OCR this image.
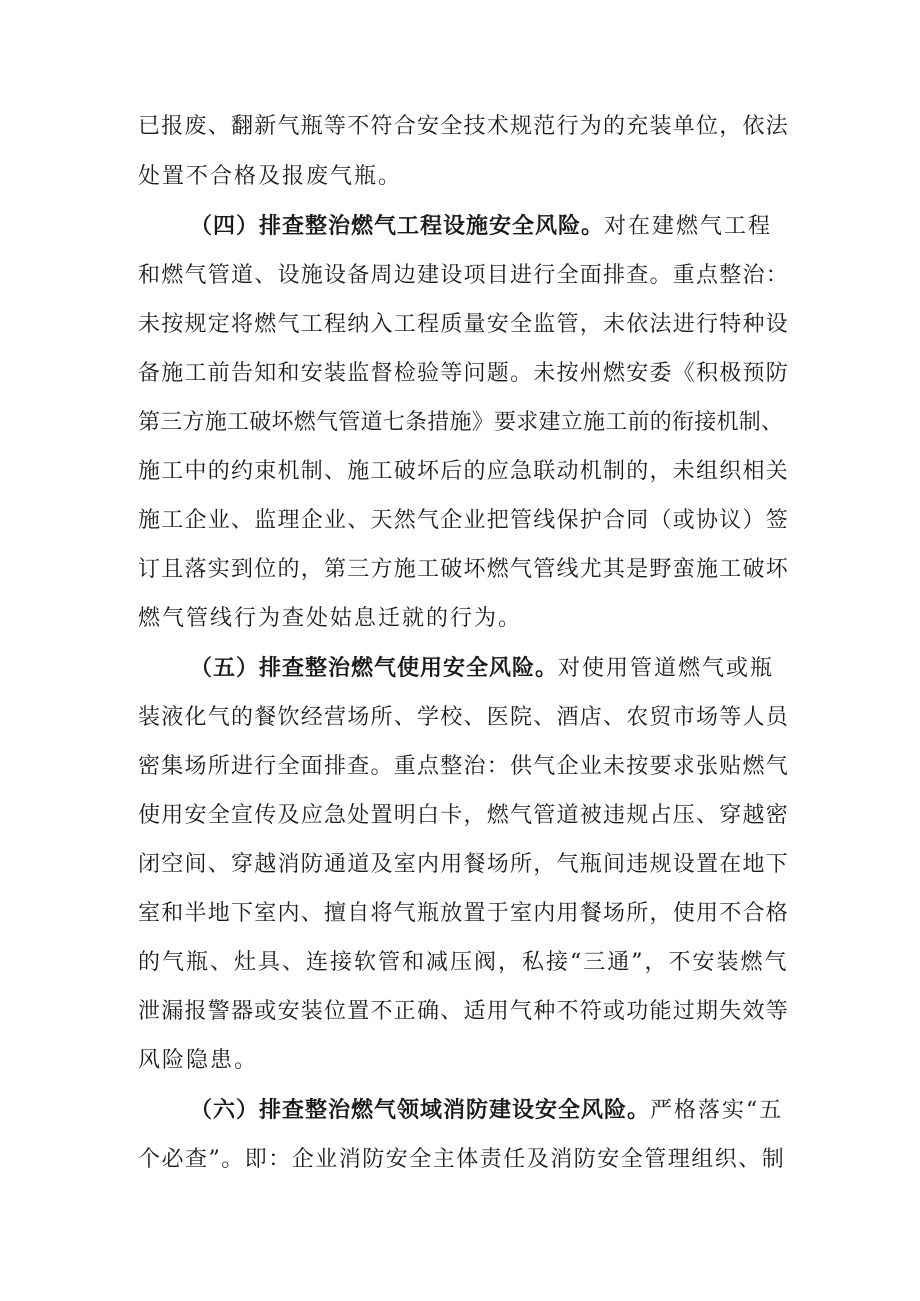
已报废、翻新气瓶等不符合安全技术规范行为的充装单位，依法
处置不合格及报废气瓶。
（四）排查整治燃气工程设施安全风险。对在建燃气工程
和燃气管道、设施设备周边建设项目进行全面排查。重点整治：
未按规定将燃气工程纳入工程质量安全监管，未依法进行特种设
备施工前告知和安装监督检验等问题。未按州燃安委《积极预防
第三方施工破坏燃气管道七条措施》要求建立施工前的衔接机制、
施工中的约束机制、施工破坏后的应急联动机制的，未组织相关
施工企业、监理企业、天然气企业把管线保护合同（或协议）签
订且落实到位的，第三方施工破坏燃气管线尤其是野蛮施工破坏
燃气管线行为查处姑息迁就的行为。
（五）排查整治燃气使用安全风险。对使用管道燃气或瓶
装液化气的餐饮经营场所、学校、医院、酒店、农贸市场等人员
密集场所进行全面排查。重点整治：供气企业未按要求张贴燃气
使用安全宣传及应急处置明白卡，燃气管道被违规占压、穿越密
闭空间、穿越消防通道及室内用餐场所，气瓶间违规设置在地下
室和半地下室内、擅自将气瓶放置于室内用餐场所，使用不合格
的气瓶、灶具、连接软管和减压阀，私接“三通”，不安装燃气
泄漏报警器或安装位置不正确、适用气种不符或功能过期失效等
风险隐患。
（六）排查整治燃气领域消防建设安全风险。严格落实“五
个必查”。即：企业消防安全主体责任及消防安全管理组织、制
